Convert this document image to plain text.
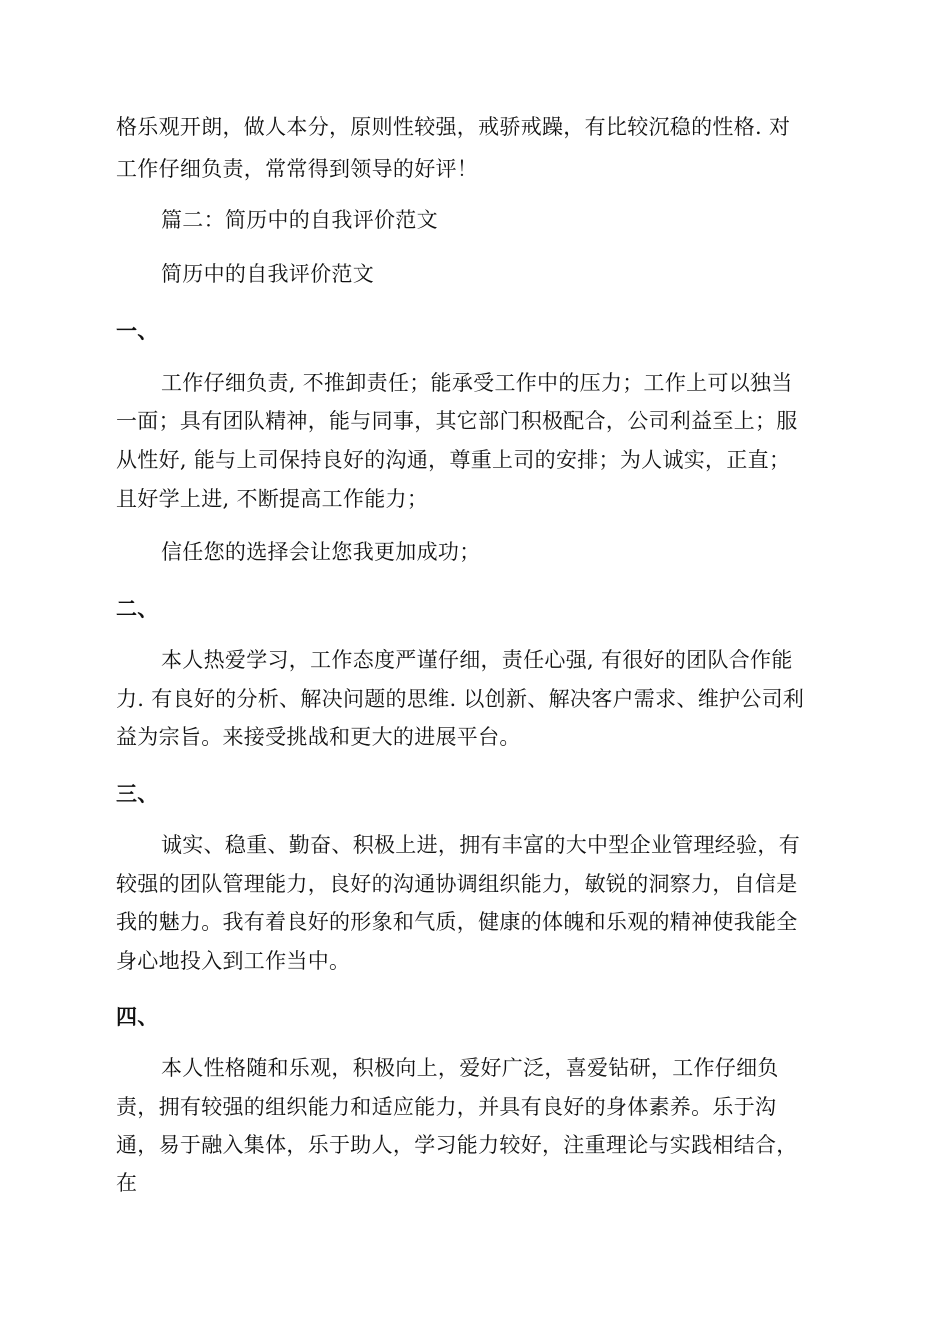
格乐观开朗，做人本分，原则性较强，戒骄戒躁，有比较沉稳的性格. 对
工作仔细负责，常常得到领导的好评！
篇二：简历中的自我评价范文
简历中的自我评价范文
一、
工作仔细负责, 不推卸责任；能承受工作中的压力；工作上可以独当
一面；具有团队精神，能与同事，其它部门积极配合，公司利益至上；服
从性好, 能与上司保持良好的沟通，尊重上司的安排；为人诚实，正直；
且好学上进, 不断提高工作能力；
信任您的选择会让您我更加成功；
二、
本人热爱学习，工作态度严谨仔细，责任心强, 有很好的团队合作能
力. 有良好的分析、解决问题的思维. 以创新、解决客户需求、维护公司利
益为宗旨。来接受挑战和更大的进展平台。
三、
诚实、稳重、勤奋、积极上进，拥有丰富的大中型企业管理经验，有
较强的团队管理能力，良好的沟通协调组织能力，敏锐的洞察力，自信是
我的魅力。我有着良好的形象和气质，健康的体魄和乐观的精神使我能全
身心地投入到工作当中。
四、
本人性格随和乐观，积极向上，爱好广泛，喜爱钻研，工作仔细负
责，拥有较强的组织能力和适应能力，并具有良好的身体素养。乐于沟
通，易于融入集体，乐于助人，学习能力较好，注重理论与实践相结合，
在
